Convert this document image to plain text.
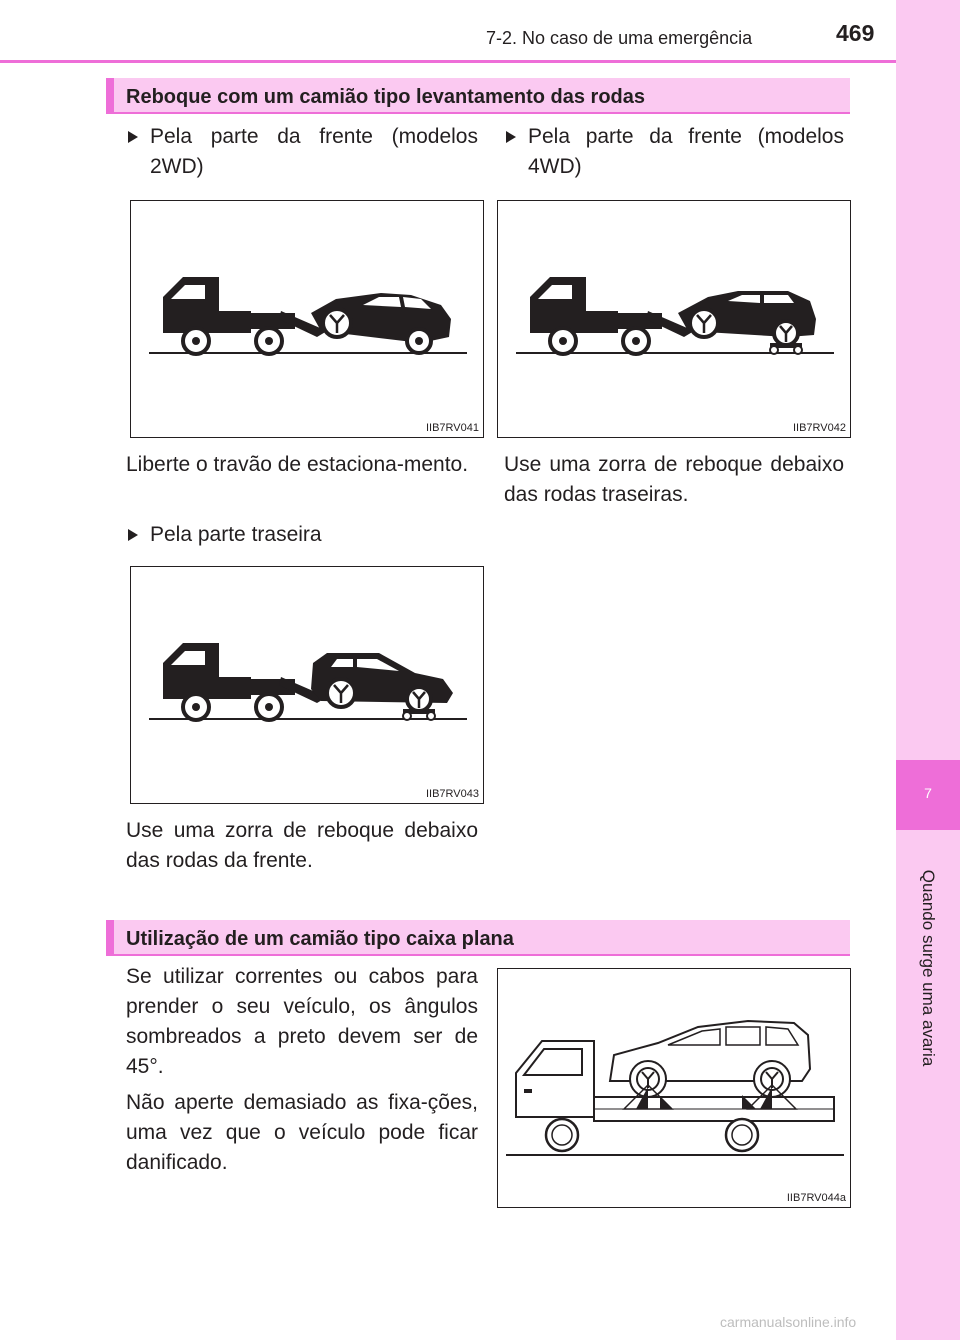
7
Quando surge uma avaria
7-2. No caso de uma emergência	469
Reboque com um camião tipo levantamento das rodas
Pela parte da frente (modelos 2WD)
Pela parte da frente (modelos 4WD)
IIB7RV041	IIB7RV042
Liberte o travão de estaciona-mento.	Use uma zorra de reboque debaixo das rodas traseiras.
Pela parte traseira
IIB7RV043
Use uma zorra de reboque debaixo das rodas da frente.
Utilização de um camião tipo caixa plana
Se utilizar correntes ou cabos para prender o seu veículo, os ângulos sombreados a preto devem ser de 45°.
Não aperte demasiado as fixa-ções, uma vez que o veículo pode ficar danificado.
IIB7RV044a
carmanualsonline.info
